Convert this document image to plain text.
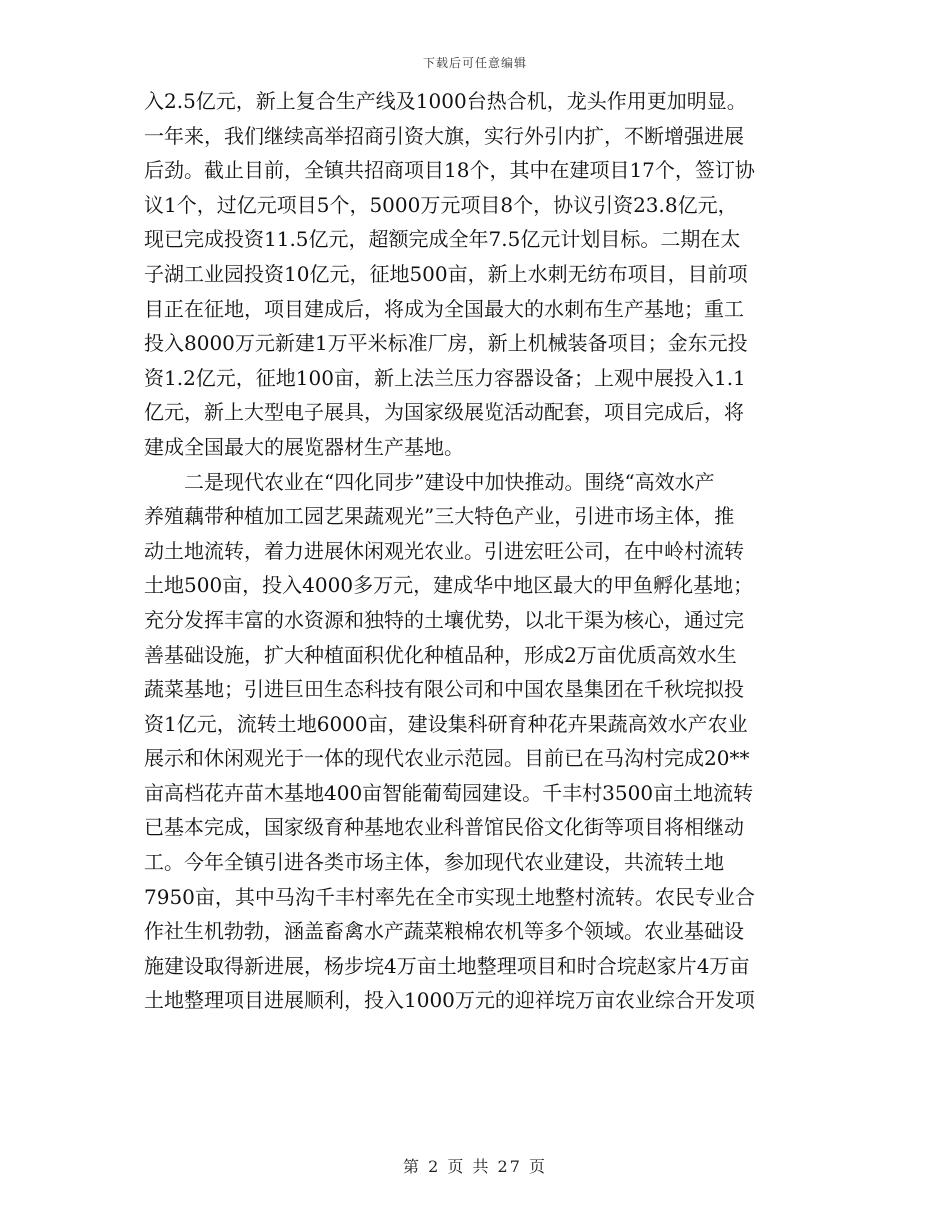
下载后可任意编辑

入2.5亿元，新上复合生产线及1000台热合机，龙头作用更加明显。
一年来，我们继续高举招商引资大旗，实行外引内扩，不断增强进展
后劲。截止目前，全镇共招商项目18个，其中在建项目17个，签订协
议1个，过亿元项目5个，5000万元项目8个，协议引资23.8亿元，
现已完成投资11.5亿元，超额完成全年7.5亿元计划目标。二期在太
子湖工业园投资10亿元，征地500亩，新上水刺无纺布项目，目前项
目正在征地，项目建成后，将成为全国最大的水刺布生产基地；重工
投入8000万元新建1万平米标准厂房，新上机械装备项目；金东元投
资1.2亿元，征地100亩，新上法兰压力容器设备；上观中展投入1.1
亿元，新上大型电子展具，为国家级展览活动配套，项目完成后，将
建成全国最大的展览器材生产基地。

二是现代农业在“四化同步”建设中加快推动。围绕“高效水产
养殖藕带种植加工园艺果蔬观光”三大特色产业，引进市场主体，推
动土地流转，着力进展休闲观光农业。引进宏旺公司，在中岭村流转
土地500亩，投入4000多万元，建成华中地区最大的甲鱼孵化基地；
充分发挥丰富的水资源和独特的土壤优势，以北干渠为核心，通过完
善基础设施，扩大种植面积优化种植品种，形成2万亩优质高效水生
蔬菜基地；引进巨田生态科技有限公司和中国农垦集团在千秋垸拟投
资1亿元，流转土地6000亩，建设集科研育种花卉果蔬高效水产农业
展示和休闲观光于一体的现代农业示范园。目前已在马沟村完成20**
亩高档花卉苗木基地400亩智能葡萄园建设。千丰村3500亩土地流转
已基本完成，国家级育种基地农业科普馆民俗文化街等项目将相继动
工。今年全镇引进各类市场主体，参加现代农业建设，共流转土地
7950亩，其中马沟千丰村率先在全市实现土地整村流转。农民专业合
作社生机勃勃，涵盖畜禽水产蔬菜粮棉农机等多个领域。农业基础设
施建设取得新进展，杨步垸4万亩土地整理项目和时合垸赵家片4万亩
土地整理项目进展顺利，投入1000万元的迎祥垸万亩农业综合开发项

第 2 页 共 27 页
